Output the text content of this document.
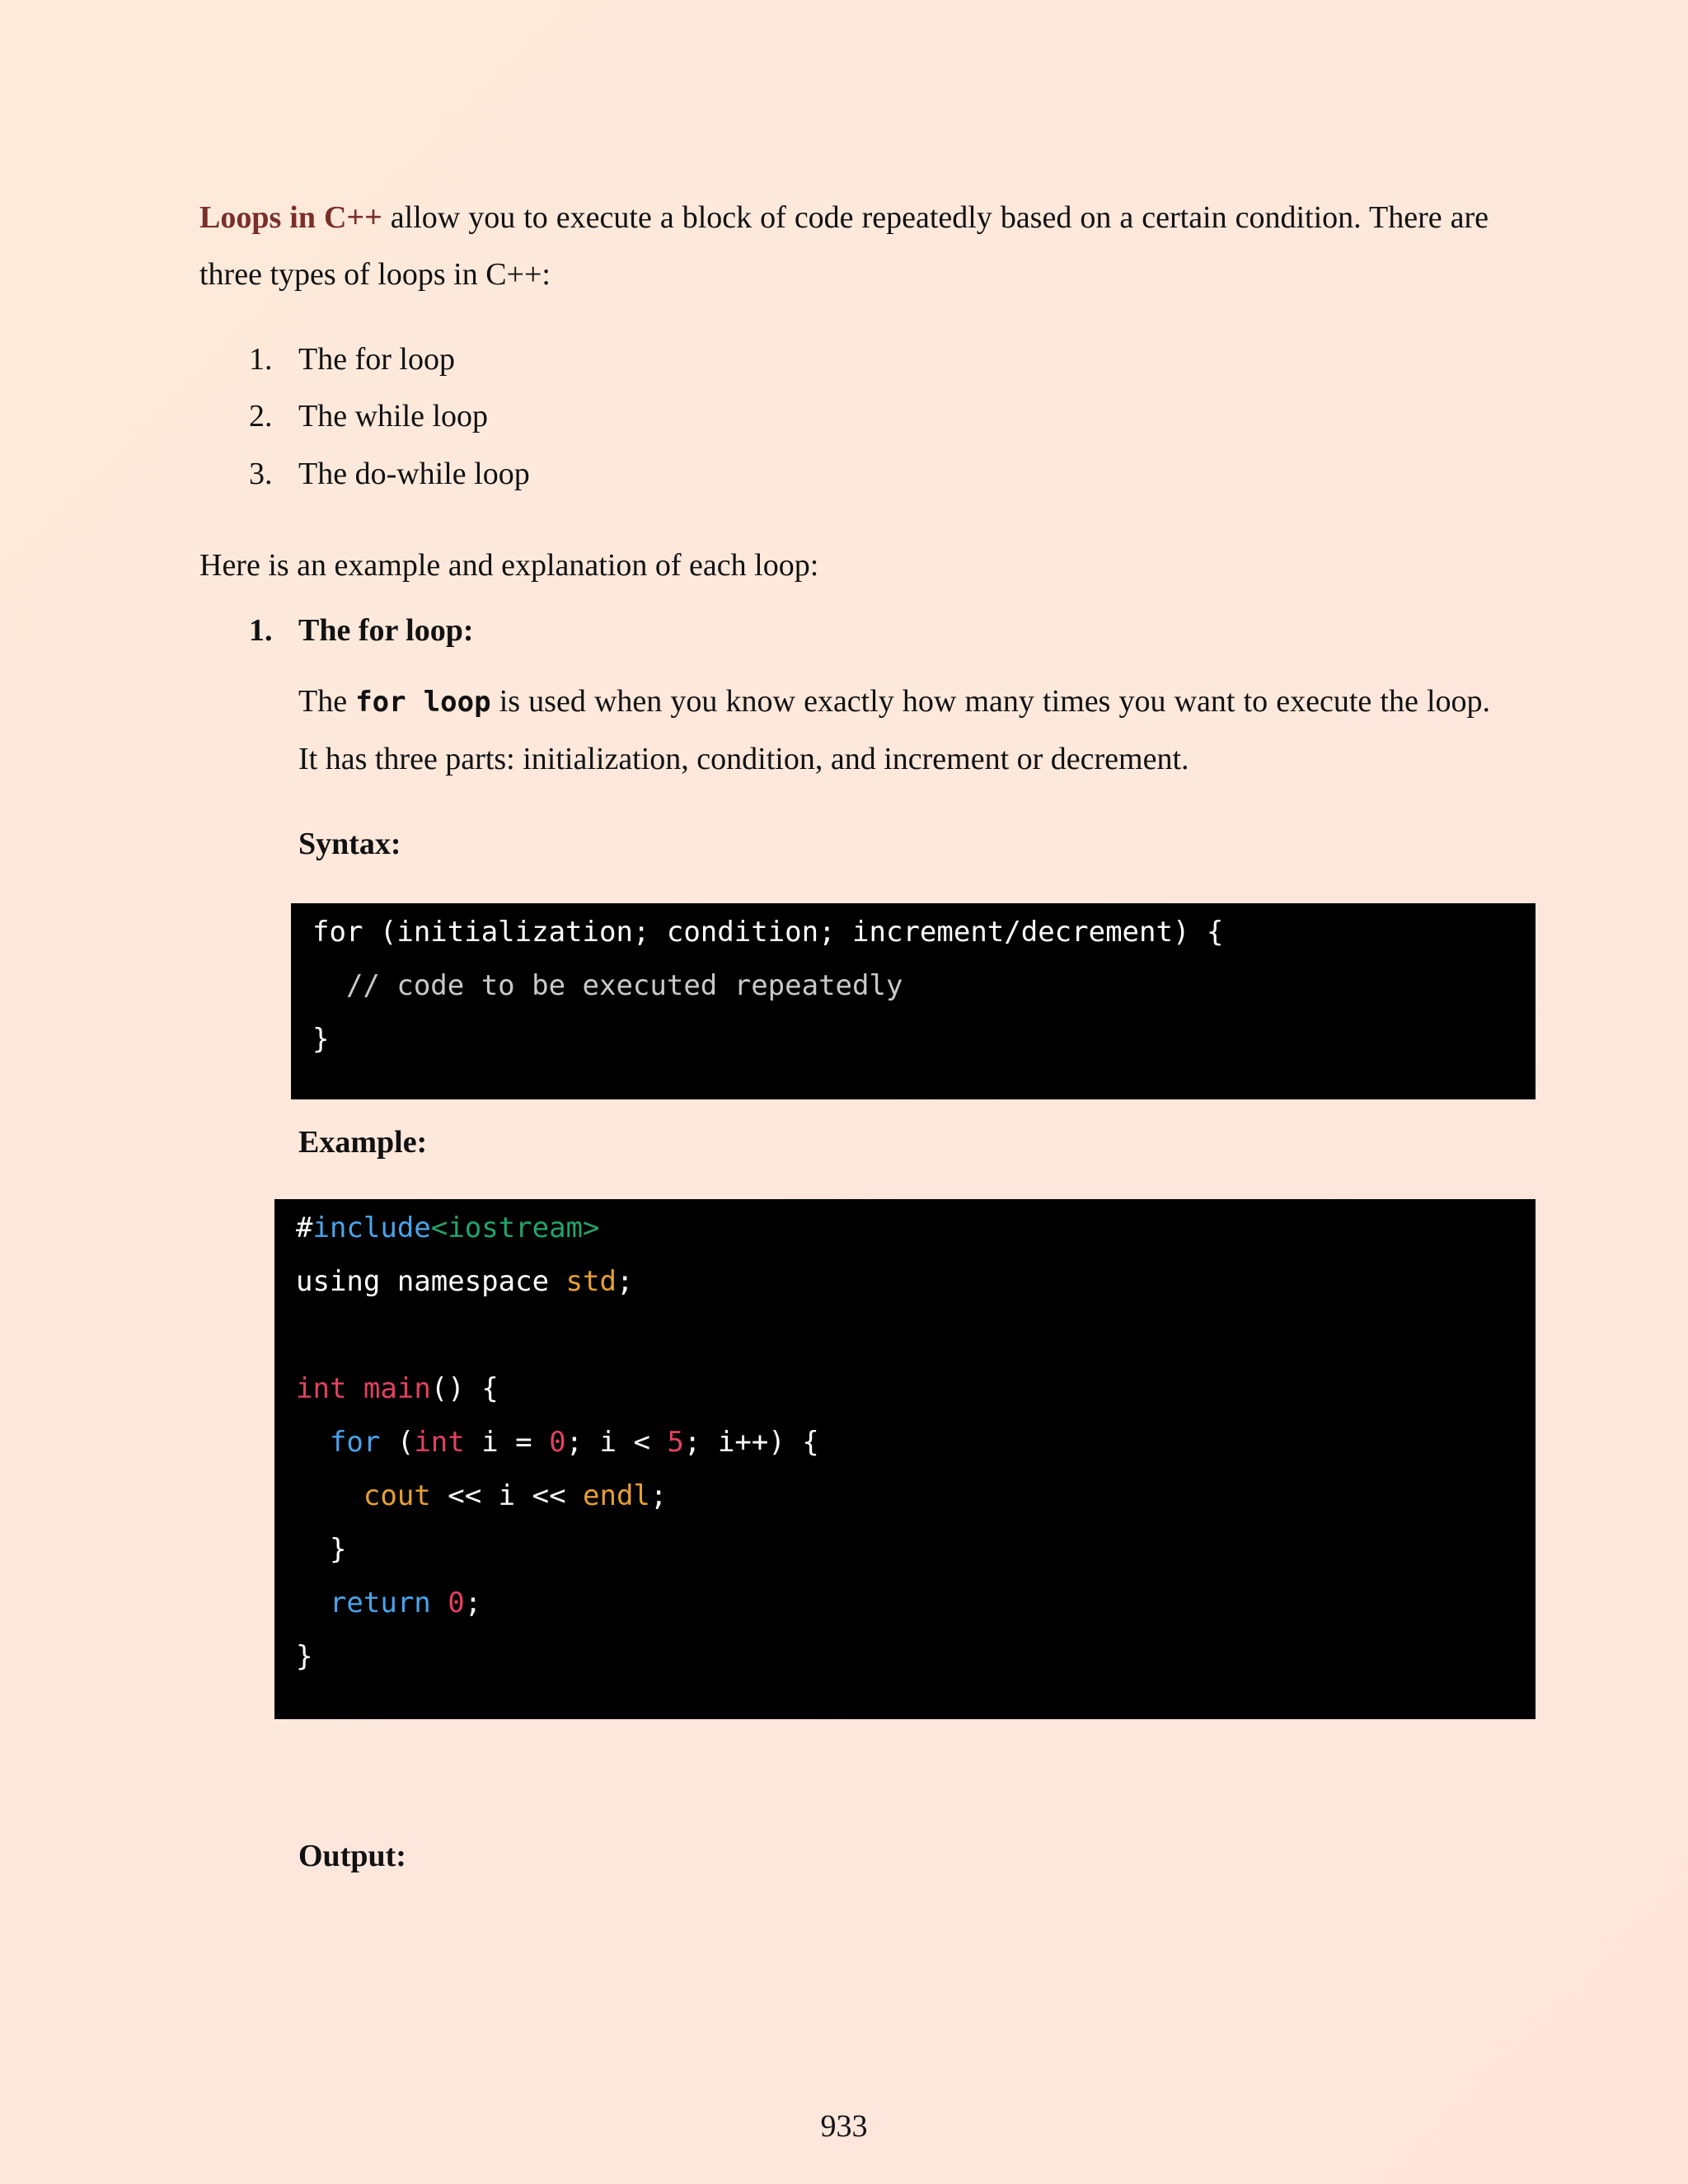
Loops in C++ allow you to execute a block of code repeatedly based on a certain condition. There are three types of loops in C++:

1. The for loop
2. The while loop
3. The do-while loop

Here is an example and explanation of each loop:

1. The for loop:

The for loop is used when you know exactly how many times you want to execute the loop. It has three parts: initialization, condition, and increment or decrement.

Syntax:
for (initialization; condition; increment/decrement) {
// code to be executed repeatedly
}
Example:
#include<iostream>
using namespace std;
int main() {
for (int i = 0; i < 5; i++) {
cout << i << endl;
}
return 0;
}
Output:
933
